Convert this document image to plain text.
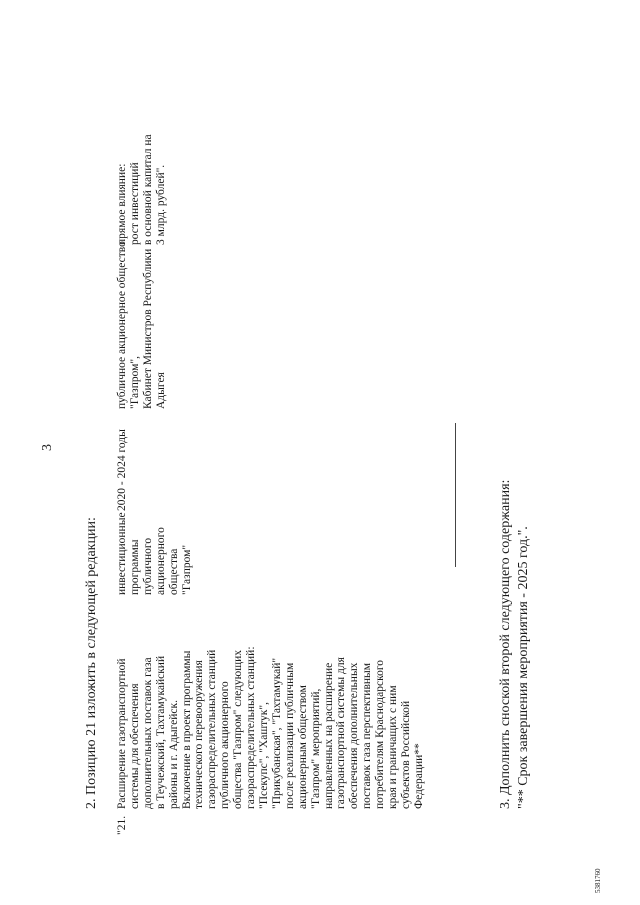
3
2. Позицию 21 изложить в следующей редакции:
"21.
Расширение газотранспортной системы для обеспечения дополнительных поставок газа в Теучежский, Тахтамукайский районы и г. Адыгейск. Включение в проект программы технического перевооружения газораспределительных станций публичного акционерного общества "Газпром" следующих газораспределительных станций: "Псекупс", "Хаштук", "Прикубанская", "Тахтамукай" после реализации публичным акционерным обществом "Газпром" мероприятий, направленных на расширение газотранспортной системы для обеспечения дополнительных поставок газа перспективным потребителям Краснодарского края и граничащих с ним субъектов Российской Федерации**
инвестиционные программы публичного акционерного общества "Газпром"
2020 - 2024 годы
публичное акционерное общество "Газпром", Кабинет Министров Республики Адыгея
прямое влияние: рост инвестиций в основной капитал на 3 млрд. рублей".
3. Дополнить сноской второй следующего содержания: "** Срок завершения мероприятия - 2025 год.".
5381760
